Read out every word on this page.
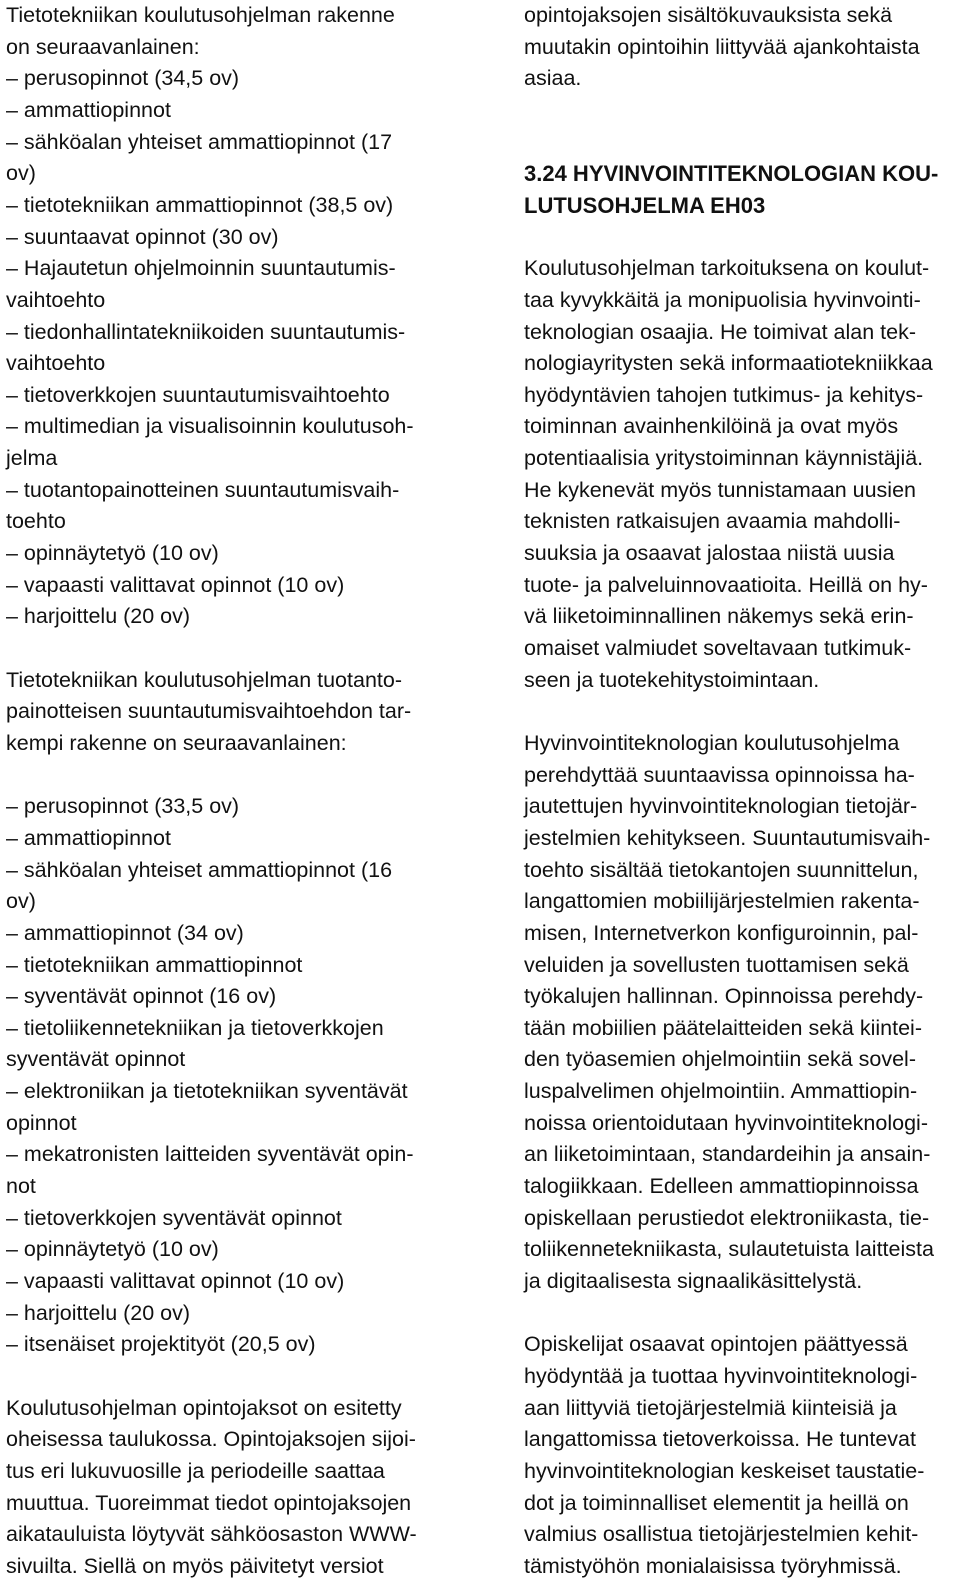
Tietotekniikan koulutusohjelman rakenne
on seuraavanlainen:
– perusopinnot (34,5 ov)
– ammattiopinnot
– sähköalan yhteiset ammattiopinnot (17
ov)
– tietotekniikan ammattiopinnot (38,5 ov)
– suuntaavat opinnot (30 ov)
– Hajautetun ohjelmoinnin suuntautumis-
vaihtoehto
– tiedonhallintatekniikoiden suuntautumis-
vaihtoehto
– tietoverkkojen suuntautumisvaihtoehto
– multimedian ja visualisoinnin koulutusoh-
jelma
– tuotantopainotteinen suuntautumisvaih-
toehto
– opinnäytetyö (10 ov)
– vapaasti valittavat opinnot (10 ov)
– harjoittelu (20 ov)
Tietotekniikan koulutusohjelman tuotanto-
painotteisen suuntautumisvaihtoehdon tar-
kempi rakenne on seuraavanlainen:
– perusopinnot (33,5 ov)
– ammattiopinnot
– sähköalan yhteiset ammattiopinnot (16
ov)
– ammattiopinnot (34 ov)
– tietotekniikan ammattiopinnot
– syventävät opinnot (16 ov)
– tietoliikennetekniikan ja tietoverkkojen
syventävät opinnot
– elektroniikan ja tietotekniikan syventävät
opinnot
– mekatronisten laitteiden syventävät opin-
not
– tietoverkkojen syventävät opinnot
– opinnäytetyö (10 ov)
– vapaasti valittavat opinnot (10 ov)
– harjoittelu (20 ov)
– itsenäiset projektityöt (20,5 ov)
Koulutusohjelman opintojaksot on esitetty
oheisessa taulukossa. Opintojaksojen sijoi-
tus eri lukuvuosille ja periodeille saattaa
muuttua. Tuoreimmat tiedot opintojaksojen
aikatauluista löytyvät sähköosaston WWW-
sivuilta. Siellä on myös päivitetyt versiot
opintojaksojen sisältökuvauksista sekä
muutakin opintoihin liittyvää ajankohtaista
asiaa.
3.24 HYVINVOINTITEKNOLOGIAN KOU-
LUTUSOHJELMA EH03
Koulutusohjelman tarkoituksena on koulut-
taa kyvykkäitä ja monipuolisia hyvinvointi-
teknologian osaajia. He toimivat alan tek-
nologiayritysten sekä informaatiotekniikkaa
hyödyntävien tahojen tutkimus- ja kehitys-
toiminnan avainhenkilöinä ja ovat myös
potentiaalisia yritystoiminnan käynnistäjiä.
He kykenevät myös tunnistamaan uusien
teknisten ratkaisujen avaamia mahdolli-
suuksia ja osaavat jalostaa niistä uusia
tuote- ja palveluinnovaatioita. Heillä on hy-
vä liiketoiminnallinen näkemys sekä erin-
omaiset valmiudet soveltavaan tutkimuk-
seen ja tuotekehitystoimintaan.
Hyvinvointiteknologian koulutusohjelma
perehdyttää suuntaavissa opinnoissa ha-
jautettujen hyvinvointiteknologian tietojär-
jestelmien kehitykseen. Suuntautumisvaih-
toehto sisältää tietokantojen suunnittelun,
langattomien mobiilijärjestelmien rakenta-
misen, Internetverkon konfiguroinnin, pal-
veluiden ja sovellusten tuottamisen sekä
työkalujen hallinnan. Opinnoissa perehdy-
tään mobiilien päätelaitteiden sekä kiintei-
den työasemien ohjelmointiin sekä sovel-
luspalvelimen ohjelmointiin. Ammattiopin-
noissa orientoidutaan hyvinvointiteknologi-
an liiketoimintaan, standardeihin ja ansain-
talogiikkaan. Edelleen ammattiopinnoissa
opiskellaan perustiedot elektroniikasta, tie-
toliikennetekniikasta, sulautetuista laitteista
ja digitaalisesta signaalikäsittelystä.
Opiskelijat osaavat opintojen päättyessä
hyödyntää ja tuottaa hyvinvointiteknologi-
aan liittyviä tietojärjestelmiä kiinteisiä ja
langattomissa tietoverkoissa. He tuntevat
hyvinvointiteknologian keskeiset taustatie-
dot ja toiminnalliset elementit ja heillä on
valmius osallistua tietojärjestelmien kehit-
tämistyöhön monialaisissa työryhmissä.
